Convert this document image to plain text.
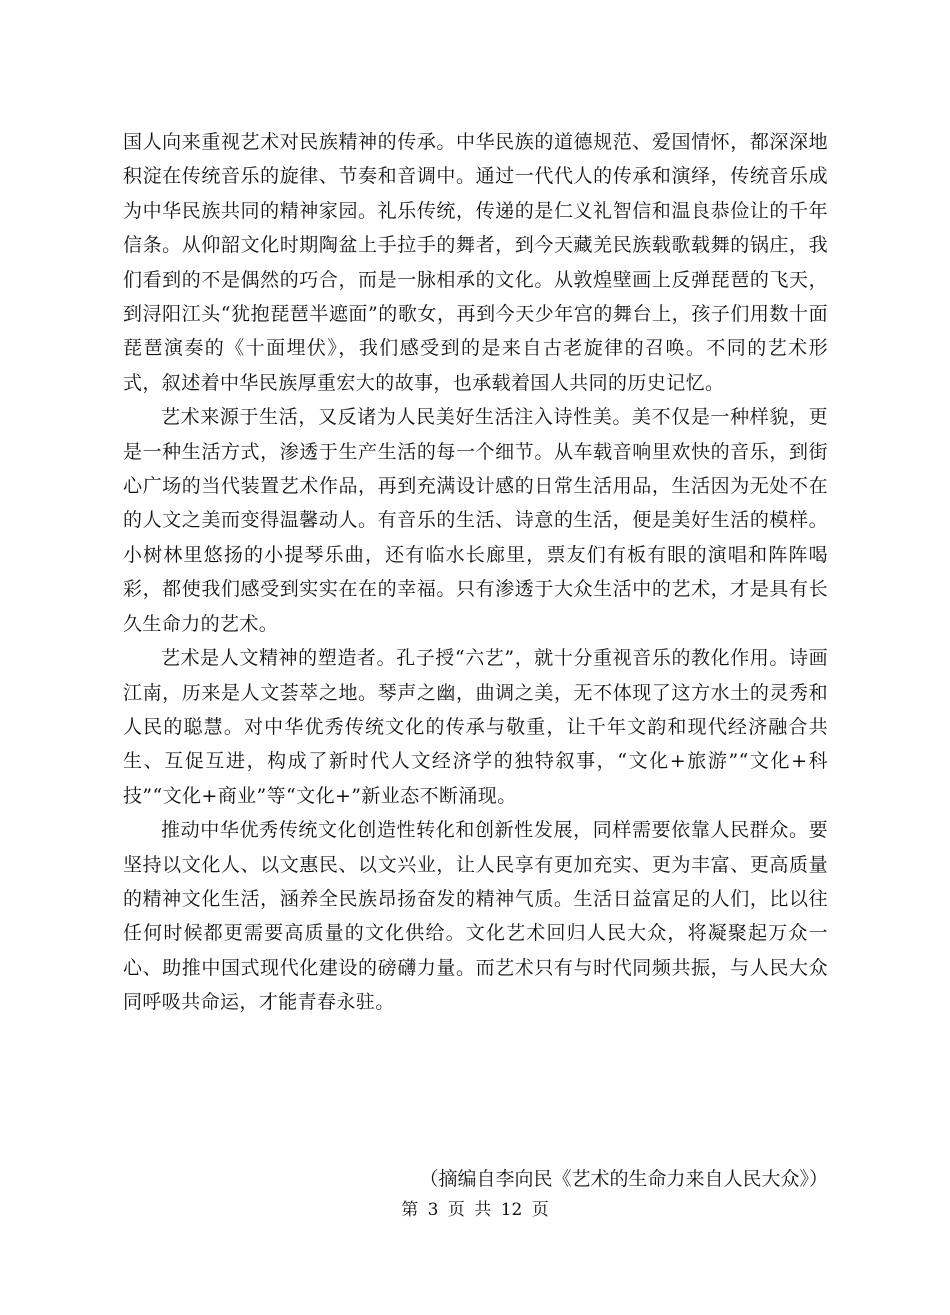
国人向来重视艺术对民族精神的传承。中华民族的道德规范、爱国情怀，都深深地积淀在传统音乐的旋律、节奏和音调中。通过一代代人的传承和演绎，传统音乐成为中华民族共同的精神家园。礼乐传统，传递的是仁义礼智信和温良恭俭让的千年信条。从仰韶文化时期陶盆上手拉手的舞者，到今天藏羌民族载歌载舞的锅庄，我们看到的不是偶然的巧合，而是一脉相承的文化。从敦煌壁画上反弹琵琶的飞天，到浔阳江头“犹抱琵琶半遮面”的歌女，再到今天少年宫的舞台上，孩子们用数十面琵琶演奏的《十面埋伏》，我们感受到的是来自古老旋律的召唤。不同的艺术形式，叙述着中华民族厚重宏大的故事，也承载着国人共同的历史记忆。

艺术来源于生活，又反诸为人民美好生活注入诗性美。美不仅是一种样貌，更是一种生活方式，渗透于生产生活的每一个细节。从车载音响里欢快的音乐，到街心广场的当代装置艺术作品，再到充满设计感的日常生活用品，生活因为无处不在的人文之美而变得温馨动人。有音乐的生活、诗意的生活，便是美好生活的模样。小树林里悠扬的小提琴乐曲，还有临水长廊里，票友们有板有眼的演唱和阵阵喝彩，都使我们感受到实实在在的幸福。只有渗透于大众生活中的艺术，才是具有长久生命力的艺术。

艺术是人文精神的塑造者。孔子授“六艺”，就十分重视音乐的教化作用。诗画江南，历来是人文荟萃之地。琴声之幽，曲调之美，无不体现了这方水土的灵秀和人民的聪慧。对中华优秀传统文化的传承与敬重，让千年文韵和现代经济融合共生、互促互进，构成了新时代人文经济学的独特叙事，“文化+旅游”“文化+科技”“文化+商业”等“文化+”新业态不断涌现。

推动中华优秀传统文化创造性转化和创新性发展，同样需要依靠人民群众。要坚持以文化人、以文惠民、以文兴业，让人民享有更加充实、更为丰富、更高质量的精神文化生活，涵养全民族昂扬奋发的精神气质。生活日益富足的人们，比以往任何时候都更需要高质量的文化供给。文化艺术回归人民大众，将凝聚起万众一心、助推中国式现代化建设的磅礴力量。而艺术只有与时代同频共振，与人民大众同呼吸共命运，才能青春永驻。

（摘编自李向民《艺术的生命力来自人民大众》）
第 3 页 共 12 页
